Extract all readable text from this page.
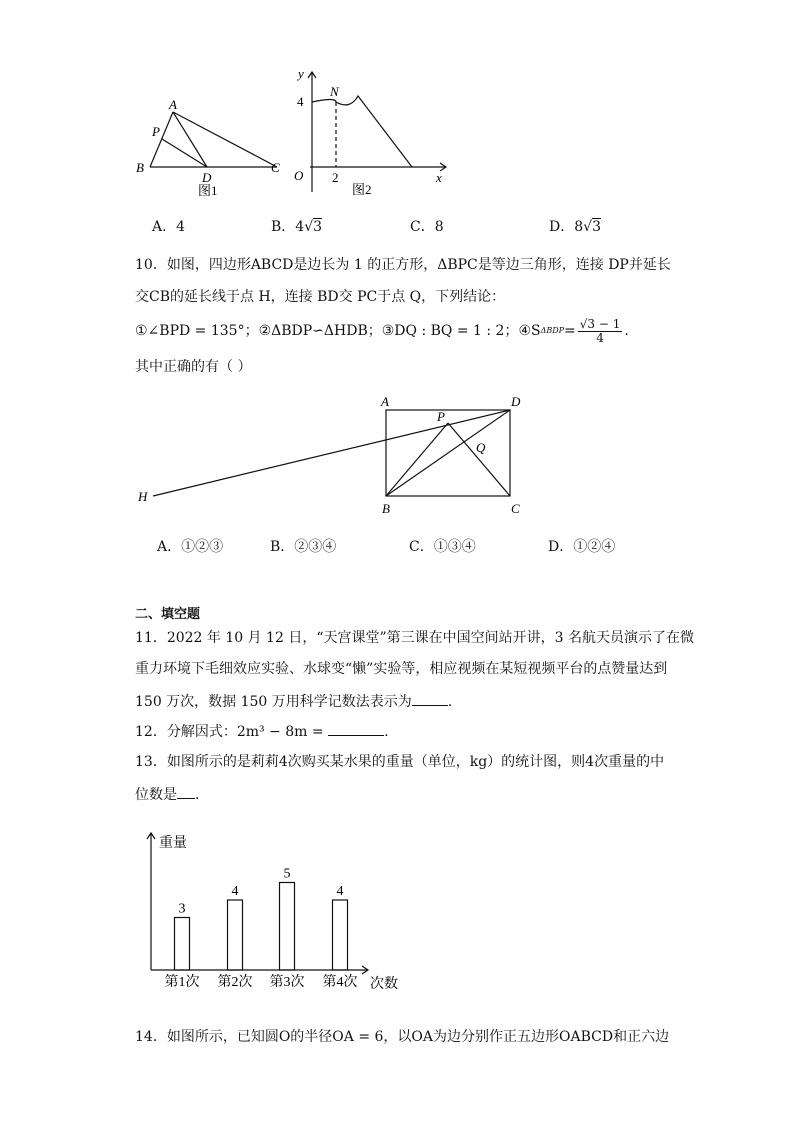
A
P
B
D
C
图1
y
4
N
O 2
图2
x
A．4	B．4√3	C．8	D．8√3
10．如图，四边形ABCD是边长为 1 的正方形，ΔBPC是等边三角形，连接 DP并延长
交CB的延长线于点 H，连接 BD交 PC于点 Q，下列结论：
①∠BPD = 135°； ②ΔBDP∽ΔHDB； ③DQ : BQ = 1 : 2； ④S $\Delta BDP = \frac{√3 - 1}{4}$ .
其中正确的有（ ）
A	D
P
Q
H
B	C
A．①②③	B．②③④	C．①③④	D．①②④
二、填空题
11．2022 年 10 月 12 日，“天宫课堂”第三课在中国空间站开讲，3 名航天员演示了在微
重力环境下毛细效应实验、水球变“懒”实验等，相应视频在某短视频平台的点赞量达到
150 万次，数据 150 万用科学记数法表示为	.
12．分解因式：2m³ − 8m =	.
13．如图所示的是莉莉4次购买某水果的重量（单位，kg）的统计图，则4次重量的中
位数是 .
重量
次数
3
第1次
4
第2次
5
第3次
4
第4次
14．如图所示，已知圆O的半径OA = 6，以OA为边分别作正五边形OABCD和正六边
